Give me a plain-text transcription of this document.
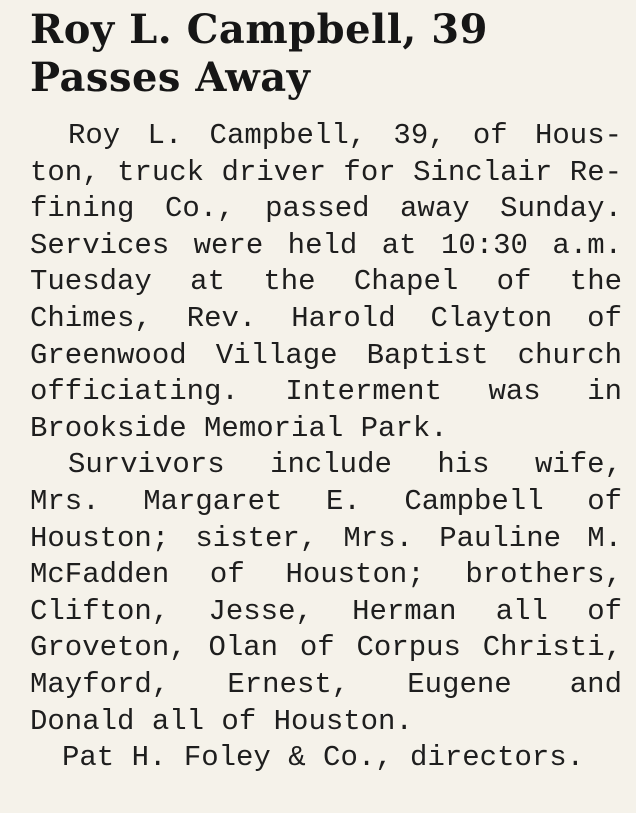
Roy L. Campbell, 39
Passes Away

Roy L. Campbell, 39, of Hous-
ton, truck driver for Sinclair Re-
fining Co., passed away Sunday.
Services were held at 10:30 a.m.
Tuesday at the Chapel of the
Chimes, Rev. Harold Clayton of
Greenwood Village Baptist church
officiating. Interment was in
Brookside Memorial Park.

Survivors include his wife,
Mrs. Margaret E. Campbell of
Houston; sister, Mrs. Pauline M.
McFadden of Houston; brothers,
Clifton, Jesse, Herman all of
Groveton, Olan of Corpus Christi,
Mayford, Ernest, Eugene and
Donald all of Houston.

Pat H. Foley & Co., directors.
